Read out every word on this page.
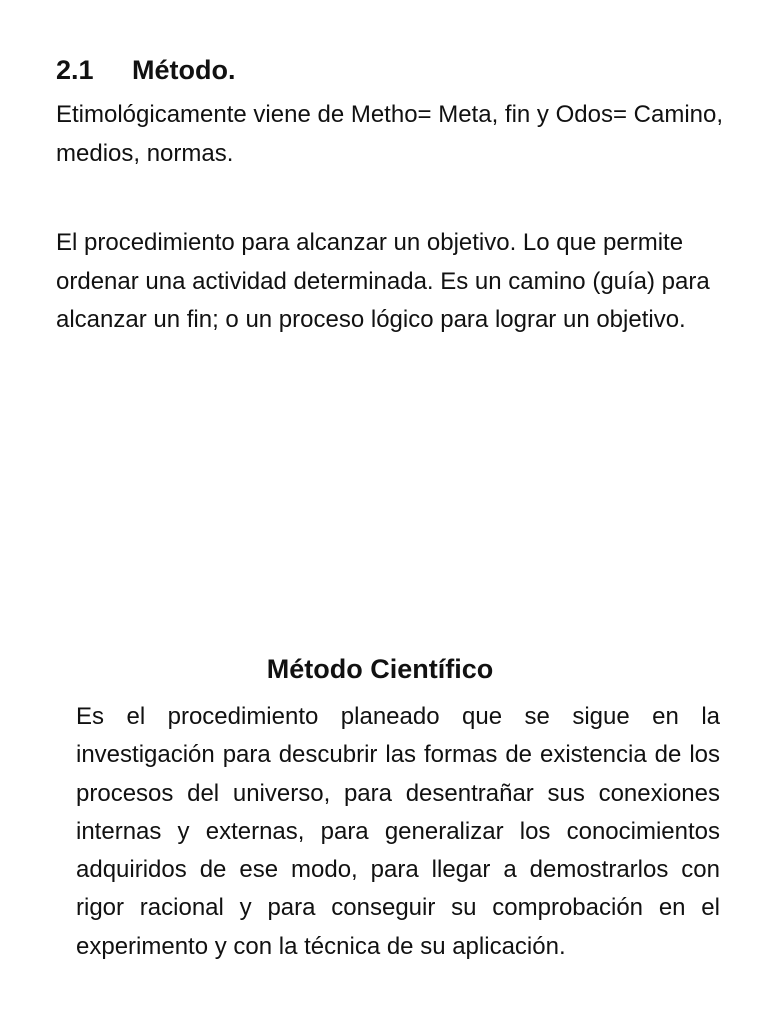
2.1 Método.

Etimológicamente viene de Metho= Meta, fin y Odos= Camino, medios, normas.

El procedimiento para alcanzar un objetivo. Lo que permite ordenar una actividad determinada. Es un camino (guía) para alcanzar un fin; o un proceso lógico para lograr un objetivo.

Método Científico

Es el procedimiento planeado que se sigue en la investigación para descubrir las formas de existencia de los procesos del universo, para desentrañar sus conexiones internas y externas, para generalizar los conocimientos adquiridos de ese modo, para llegar a demostrarlos con rigor racional y para conseguir su comprobación en el experimento y con la técnica de su aplicación.
